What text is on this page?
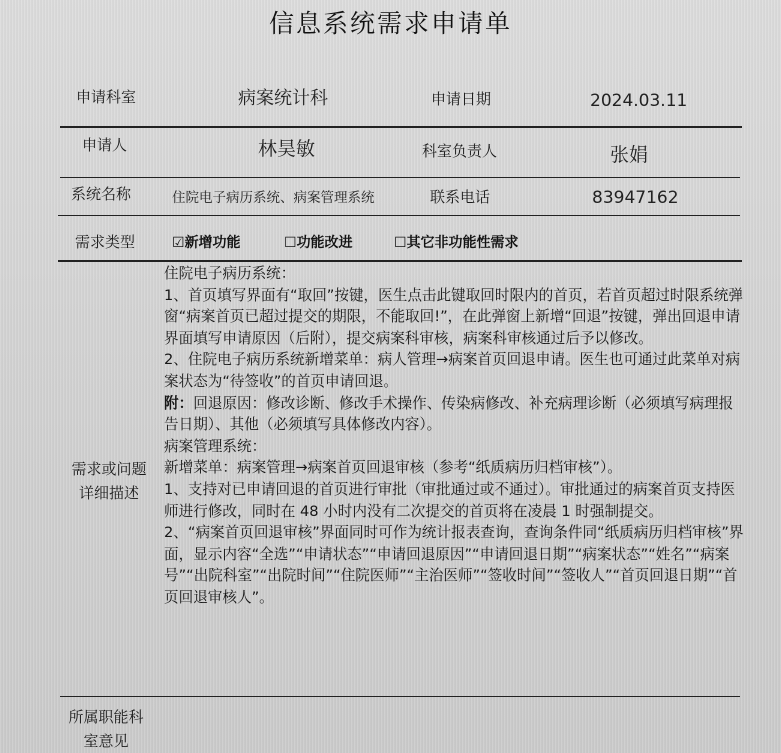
信息系统需求申请单
申请科室	病案统计科	申请日期	2024.03.11
申请人	林昊敏	科室负责人	张娟
系统名称	住院电子病历系统、病案管理系统	联系电话	83947162
需求类型	☑新增功能	☐功能改进	☐其它非功能性需求
需求或问题
详细描述

住院电子病历系统：

1、首页填写界面有“取回”按键，医生点击此键取回时限内的首页，若首页超过时限系统弹窗“病案首页已超过提交的期限，不能取回!”，在此弹窗上新增“回退”按键，弹出回退申请界面填写申请原因（后附），提交病案科审核，病案科审核通过后予以修改。

2、住院电子病历系统新增菜单：病人管理→病案首页回退申请。医生也可通过此菜单对病案状态为“待签收”的首页申请回退。

附：回退原因：修改诊断、修改手术操作、传染病修改、补充病理诊断（必须填写病理报告日期）、其他（必须填写具体修改内容）。

病案管理系统：

新增菜单：病案管理→病案首页回退审核（参考“纸质病历归档审核”）。

1、支持对已申请回退的首页进行审批（审批通过或不通过）。审批通过的病案首页支持医师进行修改，同时在 48 小时内没有二次提交的首页将在凌晨 1 时强制提交。

2、“病案首页回退审核”界面同时可作为统计报表查询，查询条件同“纸质病历归档审核”界面，显示内容“全选”“申请状态”“申请回退原因”“申请回退日期”“病案状态”“姓名”“病案号”“出院科室”“出院时间”“住院医师”“主治医师”“签收时间”“签收人”“首页回退日期”“首页回退审核人”。

所属职能科
室意见
